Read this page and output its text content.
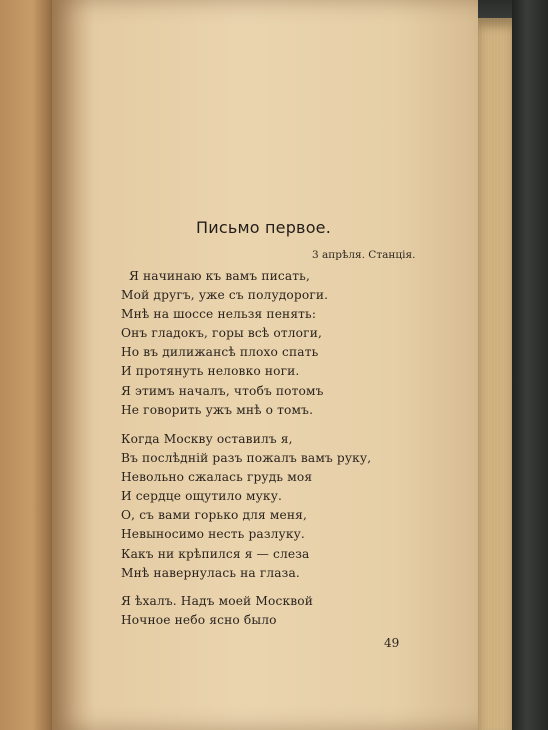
Письмо первое.
3 апрѣля. Станція.
Я начинаю къ вамъ писать,
Мой другъ, уже съ полудороги.
Мнѣ на шоссе нельзя пенять:
Онъ гладокъ, горы всѣ отлоги,
Но въ дилижансѣ плохо спать
И протянуть неловко ноги.
Я этимъ началъ, чтобъ потомъ
Не говорить ужъ мнѣ о томъ.
Когда Москву оставилъ я,
Въ послѣдній разъ пожалъ вамъ руку,
Невольно сжалась грудь моя
И сердце ощутило муку.
О, съ вами горько для меня,
Невыносимо несть разлуку.
Какъ ни крѣпился я — слеза
Мнѣ навернулась на глаза.
Я ѣхалъ. Надъ моей Москвой
Ночное небо ясно было
49
